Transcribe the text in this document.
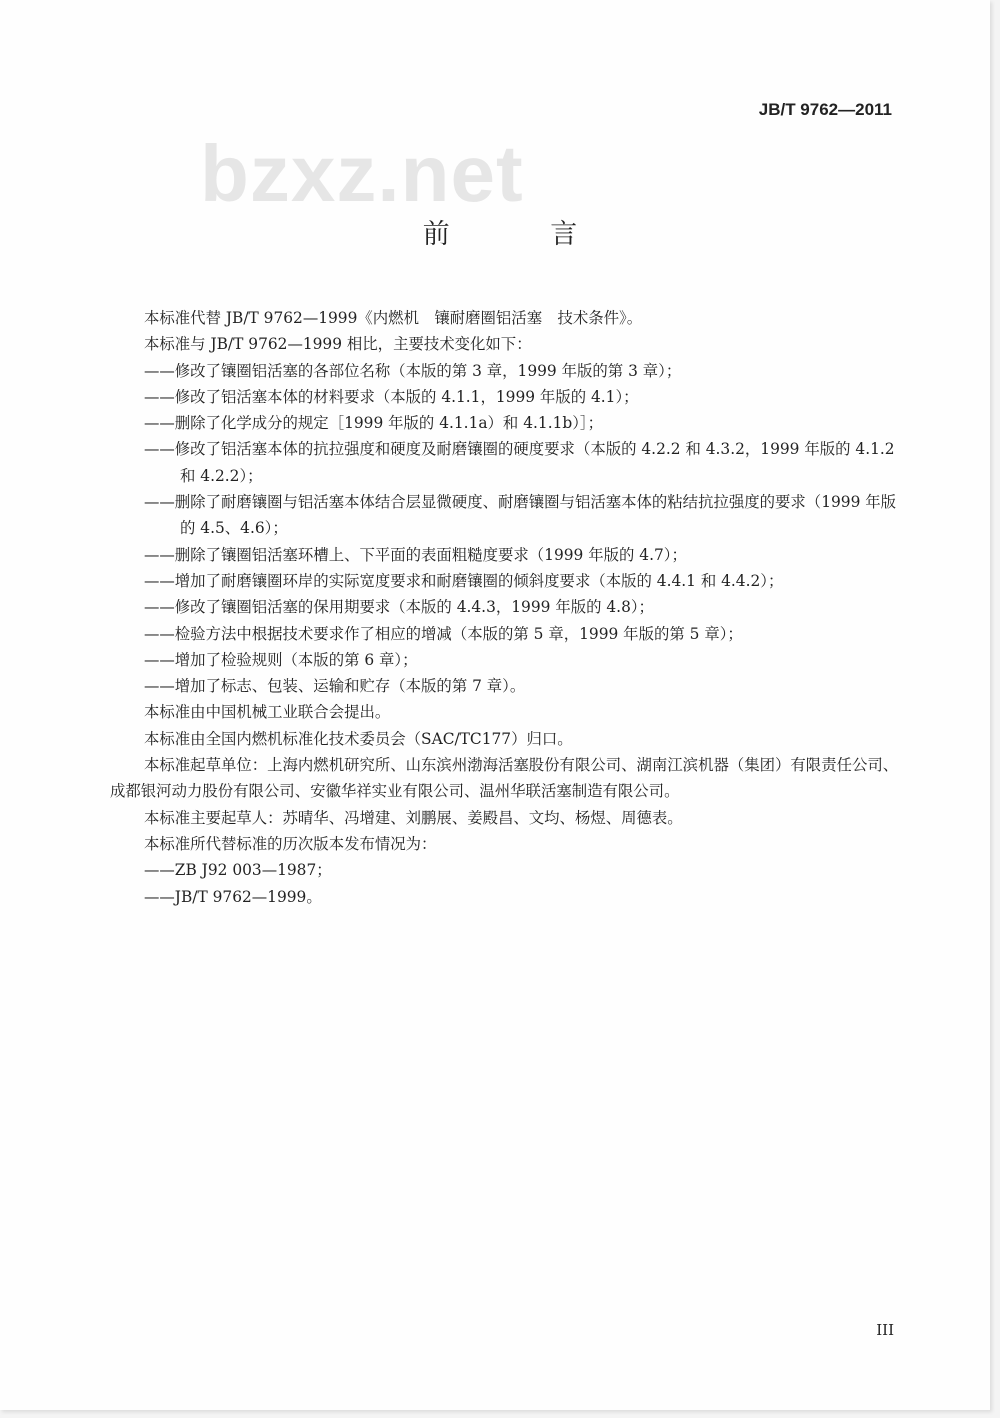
JB/T 9762—2011
bzxz.net
前 言

本标准代替 JB/T 9762—1999《内燃机　镶耐磨圈铝活塞　技术条件》。

本标准与 JB/T 9762—1999 相比，主要技术变化如下：

——修改了镶圈铝活塞的各部位名称（本版的第 3 章，1999 年版的第 3 章）；

——修改了铝活塞本体的材料要求（本版的 4.1.1，1999 年版的 4.1）；

——删除了化学成分的规定［1999 年版的 4.1.1a）和 4.1.1b）］；

——修改了铝活塞本体的抗拉强度和硬度及耐磨镶圈的硬度要求（本版的 4.2.2 和 4.3.2，1999 年版的 4.1.2 和 4.2.2）；

——删除了耐磨镶圈与铝活塞本体结合层显微硬度、耐磨镶圈与铝活塞本体的粘结抗拉强度的要求（1999 年版的 4.5、4.6）；

——删除了镶圈铝活塞环槽上、下平面的表面粗糙度要求（1999 年版的 4.7）；

——增加了耐磨镶圈环岸的实际宽度要求和耐磨镶圈的倾斜度要求（本版的 4.4.1 和 4.4.2）；

——修改了镶圈铝活塞的保用期要求（本版的 4.4.3，1999 年版的 4.8）；

——检验方法中根据技术要求作了相应的增减（本版的第 5 章，1999 年版的第 5 章）；

——增加了检验规则（本版的第 6 章）；

——增加了标志、包装、运输和贮存（本版的第 7 章）。

本标准由中国机械工业联合会提出。

本标准由全国内燃机标准化技术委员会（SAC/TC177）归口。

本标准起草单位：上海内燃机研究所、山东滨州渤海活塞股份有限公司、湖南江滨机器（集团）有限责任公司、成都银河动力股份有限公司、安徽华祥实业有限公司、温州华联活塞制造有限公司。

本标准主要起草人：苏晴华、冯增建、刘鹏展、姜殿昌、文均、杨煜、周德表。

本标准所代替标准的历次版本发布情况为：

——ZB J92 003—1987；

——JB/T 9762—1999。

III
